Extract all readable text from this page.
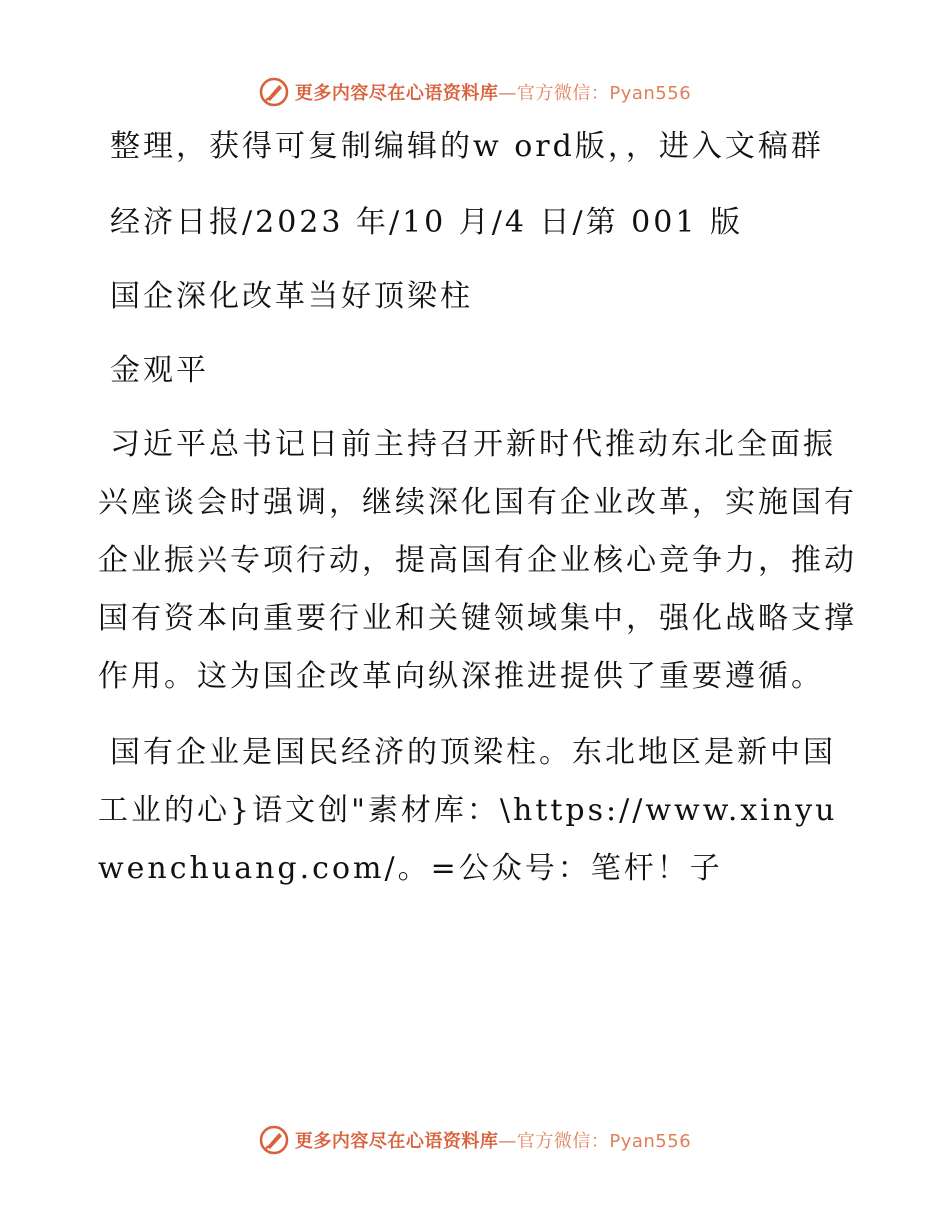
更多内容尽在心语资料库—官方微信：Pyan556

整理，获得可复制编辑的w ord版，，进入文稿群

经济日报/2023 年/10 月/4 日/第 001 版

国企深化改革当好顶梁柱

金观平

习近平总书记日前主持召开新时代推动东北全面振兴座谈会时强调，继续深化国有企业改革，实施国有企业振兴专项行动，提高国有企业核心竞争力，推动国有资本向重要行业和关键领域集中，强化战略支撑作用。这为国企改革向纵深推进提供了重要遵循。

国有企业是国民经济的顶梁柱。东北地区是新中国工业的心}语文创"素材库：\https://www.xinyuwenchuang.com/。=公众号：笔杆！子

更多内容尽在心语资料库—官方微信：Pyan556
